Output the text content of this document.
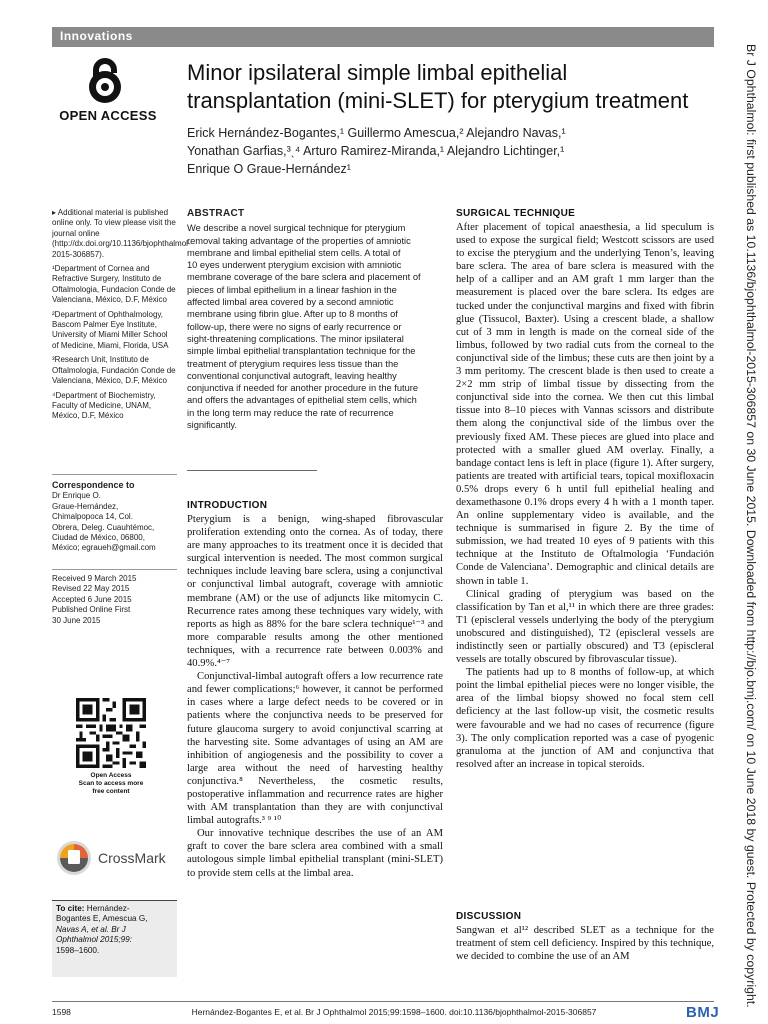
Innovations
OPEN ACCESS
Minor ipsilateral simple limbal epithelial
transplantation (mini-SLET) for pterygium treatment
Erick Hernández-Bogantes,¹ Guillermo Amescua,² Alejandro Navas,¹
Yonathan Garfias,³ˎ⁴ Arturo Ramirez-Miranda,¹ Alejandro Lichtinger,¹
Enrique O Graue-Hernández¹

▸ Additional material is published online only. To view please visit the journal online (http://dx.doi.org/10.1136/bjophthalmol-2015-306857).

¹Department of Cornea and Refractive Surgery, Instituto de Oftalmologia, Fundacion Conde de Valenciana, México, D.F, México

²Department of Ophthalmology, Bascom Palmer Eye Institute, University of Miami Miller School of Medicine, Miami, Florida, USA

³Research Unit, Instituto de Oftalmologia, Fundación Conde de Valenciana, México, D.F, México

⁴Department of Biochemistry, Faculty of Medicine, UNAM, México, D.F, México

Correspondence to
Dr Enrique O.
Graue-Hernández,
Chimalpopoca 14, Col.
Obrera, Deleg. Cuauhtémoc,
Ciudad de México, 06800,
México; egraueh@gmail.com
Received 9 March 2015
Revised 22 May 2015
Accepted 6 June 2015
Published Online First
30 June 2015
Open Access
Scan to access more
free content
CrossMark
To cite: Hernández-
Bogantes E, Amescua G,
Navas A, et al. Br J
Ophthalmol 2015;99:
1598–1600.
ABSTRACT
We describe a novel surgical technique for pterygium
removal taking advantage of the properties of amniotic
membrane and limbal epithelial stem cells. A total of
10 eyes underwent pterygium excision with amniotic
membrane coverage of the bare sclera and placement of
pieces of limbal epithelium in a linear fashion in the
affected limbal area covered by a second amniotic
membrane using fibrin glue. After up to 8 months of
follow-up, there were no signs of early recurrence or
sight-threatening complications. The minor ipsilateral
simple limbal epithelial transplantation technique for the
treatment of pterygium requires less tissue than the
conventional conjunctival autograft, leaving healthy
conjunctiva if needed for another procedure in the future
and offers the advantages of epithelial stem cells, which
in the long term may reduce the rate of recurrence
significantly.
INTRODUCTION

Pterygium is a benign, wing-shaped fibrovascular proliferation extending onto the cornea. As of today, there are many approaches to its treatment once it is decided that surgical intervention is needed. The most common surgical techniques include leaving bare sclera, using a conjunctival or conjunctival limbal autograft, coverage with amniotic membrane (AM) or the use of adjuncts like mitomycin C. Recurrence rates among these techniques vary widely, with reports as high as 88% for the bare sclera technique¹⁻³ and more comparable results among the other mentioned techniques, with a recurrence rate between 0.003% and 40.9%.⁴⁻⁷

Conjunctival-limbal autograft offers a low recurrence rate and fewer complications;⁶ however, it cannot be performed in cases where a large defect needs to be covered or in patients where the conjunctiva needs to be preserved for future glaucoma surgery to avoid conjunctival scarring at the harvesting site. Some advantages of using an AM are inhibition of angiogenesis and the possibility to cover a large area without the need of harvesting healthy conjunctiva.⁸ Nevertheless, the cosmetic results, postoperative inflammation and recurrence rates are higher with AM transplantation than they are with conjunctival limbal autografts.³ ⁹ ¹⁰

Our innovative technique describes the use of an AM graft to cover the bare sclera area combined with a small autologous simple limbal epithelial transplant (mini-SLET) to provide stem cells at the limbal area.

SURGICAL TECHNIQUE

After placement of topical anaesthesia, a lid speculum is used to expose the surgical field; Westcott scissors are used to excise the pterygium and the underlying Tenon’s, leaving bare sclera. The area of bare sclera is measured with the help of a calliper and an AM graft 1 mm larger than the measurement is placed over the bare sclera. Its edges are tucked under the conjunctival margins and fixed with fibrin glue (Tissucol, Baxter). Using a crescent blade, a shallow cut of 3 mm in length is made on the corneal side of the limbus, followed by two radial cuts from the corneal to the conjunctival side of the limbus; these cuts are then joint by a 3 mm peritomy. The crescent blade is then used to create a 2×2 mm strip of limbal tissue by dissecting from the conjunctival side into the cornea. We then cut this limbal tissue into 8–10 pieces with Vannas scissors and distribute them along the conjunctival side of the limbus over the previously fixed AM. These pieces are glued into place and protected with a smaller glued AM overlay. Finally, a bandage contact lens is left in place (figure 1). After surgery, patients are treated with artificial tears, topical moxifloxacin 0.5% drops every 6 h until full epithelial healing and dexamethasone 0.1% drops every 4 h with a 1 month taper. An online supplementary video is available, and the technique is summarised in figure 2. By the time of submission, we had treated 10 eyes of 9 patients with this technique at the Instituto de Oftalmologia ‘Fundación Conde de Valenciana’. Demographic and clinical details are shown in table 1.

Clinical grading of pterygium was based on the classification by Tan et al,¹¹ in which there are three grades: T1 (episcleral vessels underlying the body of the pterygium unobscured and distinguished), T2 (episcleral vessels are indistinctly seen or partially obscured) and T3 (episcleral vessels are totally obscured by fibrovascular tissue).

The patients had up to 8 months of follow-up, at which point the limbal epithelial pieces were no longer visible, the area of the limbal biopsy showed no focal stem cell deficiency at the last follow-up visit, the cosmetic results were favourable and we had no cases of recurrence (figure 3). The only complication reported was a case of pyogenic granuloma at the junction of AM and conjunctiva that resolved after an increase in topical steroids.

DISCUSSION

Sangwan et al¹² described SLET as a technique for the treatment of stem cell deficiency. Inspired by this technique, we decided to combine the use of an AM

1598	Hernández-Bogantes E, et al. Br J Ophthalmol 2015;99:1598–1600. doi:10.1136/bjophthalmol-2015-306857	BMJ
Br J Ophthalmol: first published as 10.1136/bjophthalmol-2015-306857 on 30 June 2015. Downloaded from http://bjo.bmj.com/ on 10 June 2018 by guest. Protected by copyright.
